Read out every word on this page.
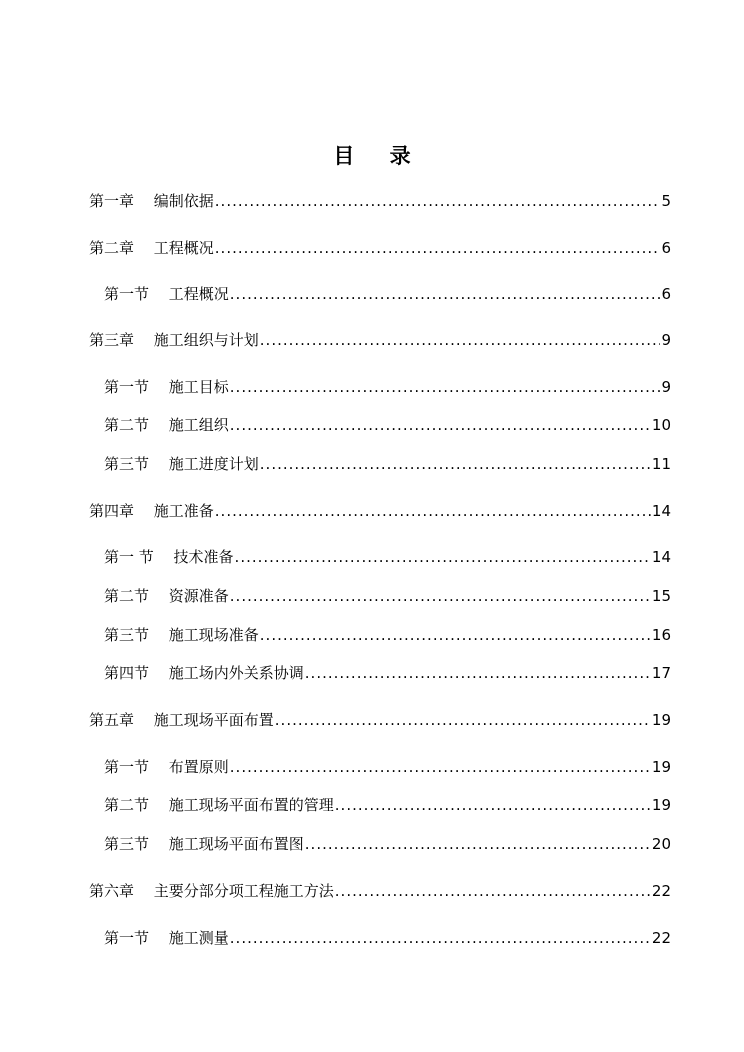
目 录
第一章　 编制依据 .....	5
第二章　 工程概况 .....	6
第一节　 工程概况 .....	6
第三章　 施工组织与计划 .....	9
第一节　 施工目标 .....	9
第二节　 施工组织 .....	10
第三节　 施工进度计划 .....	11
第四章　 施工准备 .....	14
第一 节　 技术准备 .....	14
第二节　 资源准备 .....	15
第三节　 施工现场准备 .....	16
第四节　 施工场内外关系协调 .....	17
第五章　 施工现场平面布置 .....	19
第一节　 布置原则 .....	19
第二节　 施工现场平面布置的管理 .....	19
第三节　 施工现场平面布置图 .....	20
第六章　 主要分部分项工程施工方法 .....	22
第一节　 施工测量 .....	22
